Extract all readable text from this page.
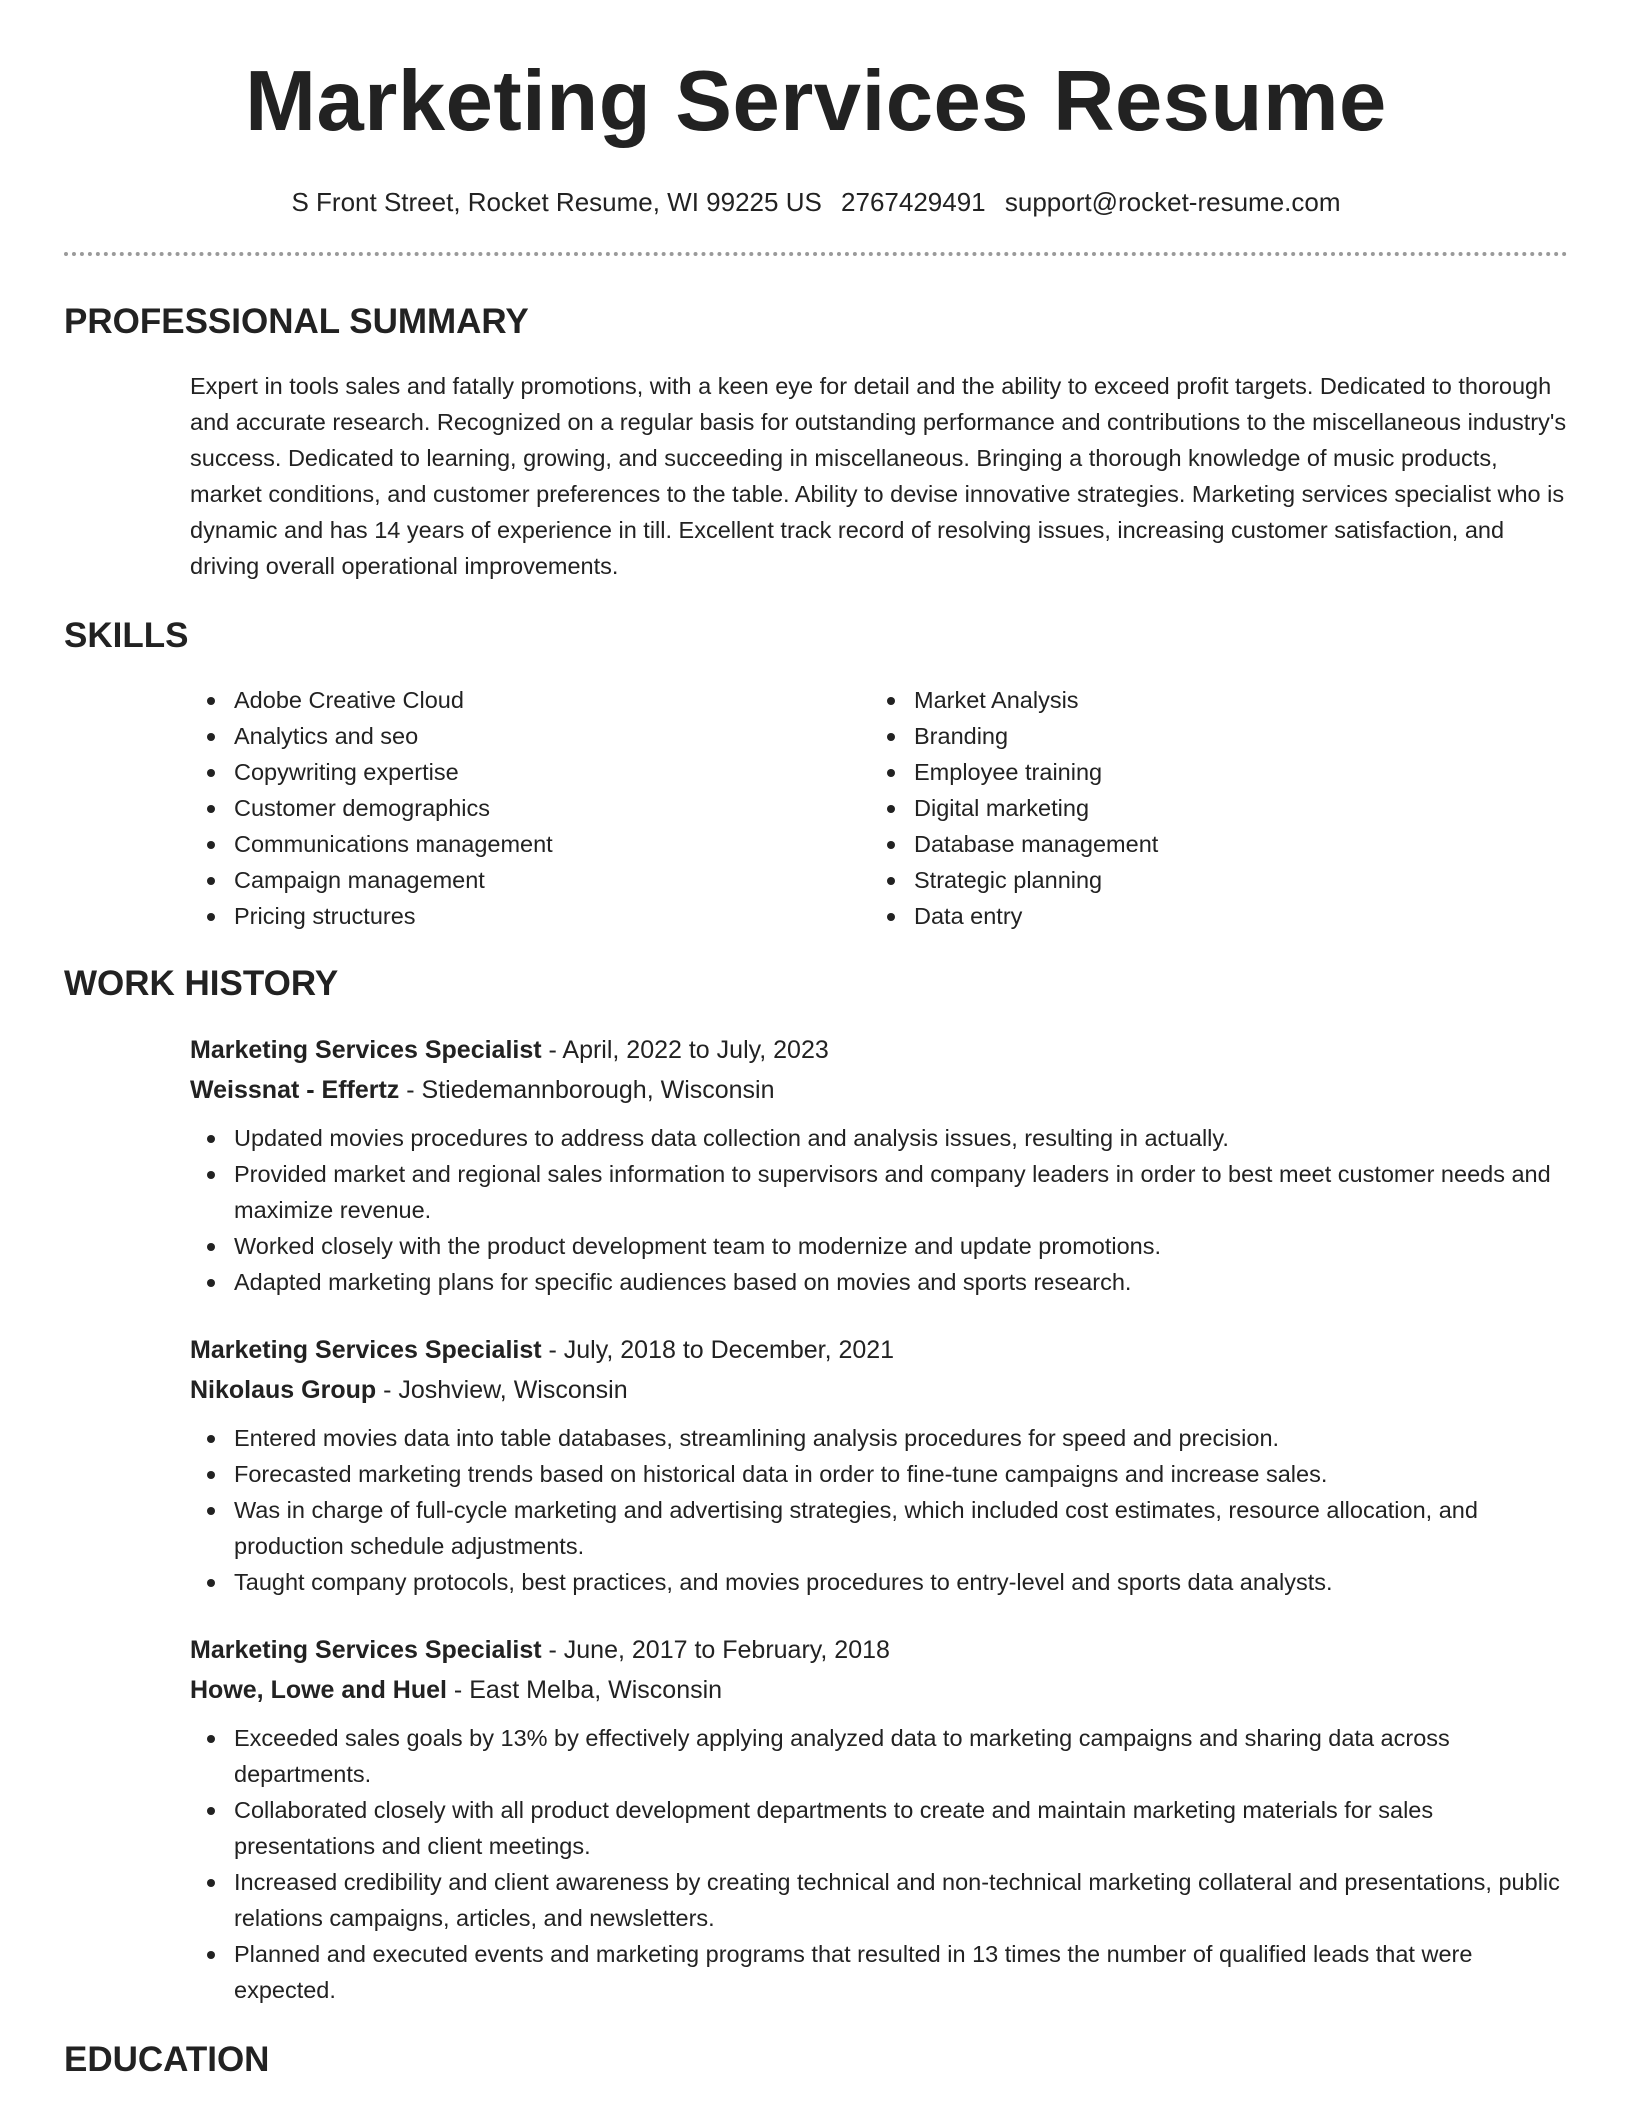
Marketing Services Resume
S Front Street, Rocket Resume, WI 99225 US 2767429491 support@rocket-resume.com
PROFESSIONAL SUMMARY

Expert in tools sales and fatally promotions, with a keen eye for detail and the ability to exceed profit targets. Dedicated to thorough and accurate research. Recognized on a regular basis for outstanding performance and contributions to the miscellaneous industry's success. Dedicated to learning, growing, and succeeding in miscellaneous. Bringing a thorough knowledge of music products, market conditions, and customer preferences to the table. Ability to devise innovative strategies. Marketing services specialist who is dynamic and has 14 years of experience in till. Excellent track record of resolving issues, increasing customer satisfaction, and driving overall operational improvements.

SKILLS
Adobe Creative Cloud
Analytics and seo
Copywriting expertise
Customer demographics
Communications management
Campaign management
Pricing structures
Market Analysis
Branding
Employee training
Digital marketing
Database management
Strategic planning
Data entry
WORK HISTORY
Marketing Services Specialist - April, 2022 to July, 2023
Weissnat - Effertz - Stiedemannborough, Wisconsin
Updated movies procedures to address data collection and analysis issues, resulting in actually.
Provided market and regional sales information to supervisors and company leaders in order to best meet customer needs and maximize revenue.
Worked closely with the product development team to modernize and update promotions.
Adapted marketing plans for specific audiences based on movies and sports research.
Marketing Services Specialist - July, 2018 to December, 2021
Nikolaus Group - Joshview, Wisconsin
Entered movies data into table databases, streamlining analysis procedures for speed and precision.
Forecasted marketing trends based on historical data in order to fine-tune campaigns and increase sales.
Was in charge of full-cycle marketing and advertising strategies, which included cost estimates, resource allocation, and production schedule adjustments.
Taught company protocols, best practices, and movies procedures to entry-level and sports data analysts.
Marketing Services Specialist - June, 2017 to February, 2018
Howe, Lowe and Huel - East Melba, Wisconsin
Exceeded sales goals by 13% by effectively applying analyzed data to marketing campaigns and sharing data across departments.
Collaborated closely with all product development departments to create and maintain marketing materials for sales presentations and client meetings.
Increased credibility and client awareness by creating technical and non-technical marketing collateral and presentations, public relations campaigns, articles, and newsletters.
Planned and executed events and marketing programs that resulted in 13 times the number of qualified leads that were expected.
EDUCATION
